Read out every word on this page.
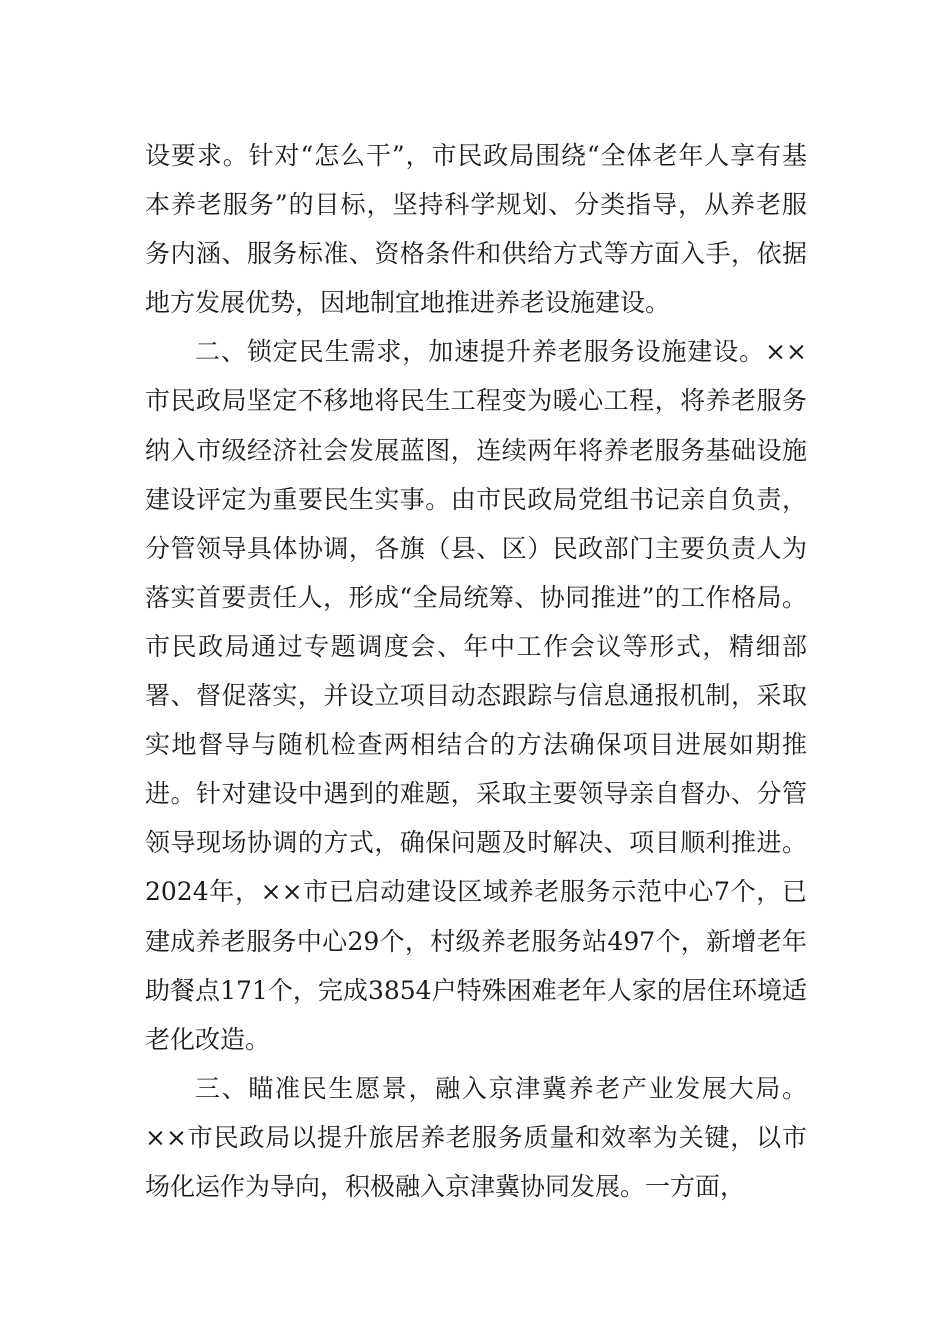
设要求。针对“怎么干”，市民政局围绕“全体老年人享有基本养老服务”的目标，坚持科学规划、分类指导，从养老服务内涵、服务标准、资格条件和供给方式等方面入手，依据地方发展优势，因地制宜地推进养老设施建设。

二、锁定民生需求，加速提升养老服务设施建设。××市民政局坚定不移地将民生工程变为暖心工程，将养老服务纳入市级经济社会发展蓝图，连续两年将养老服务基础设施建设评定为重要民生实事。由市民政局党组书记亲自负责，分管领导具体协调，各旗（县、区）民政部门主要负责人为落实首要责任人，形成“全局统筹、协同推进”的工作格局。市民政局通过专题调度会、年中工作会议等形式，精细部署、督促落实，并设立项目动态跟踪与信息通报机制，采取实地督导与随机检查两相结合的方法确保项目进展如期推进。针对建设中遇到的难题，采取主要领导亲自督办、分管领导现场协调的方式，确保问题及时解决、项目顺利推进。2024年，××市已启动建设区域养老服务示范中心7个，已建成养老服务中心29个，村级养老服务站497个，新增老年助餐点171个，完成3854户特殊困难老年人家的居住环境适老化改造。

三、瞄准民生愿景，融入京津冀养老产业发展大局。××市民政局以提升旅居养老服务质量和效率为关键，以市场化运作为导向，积极融入京津冀协同发展。一方面，
